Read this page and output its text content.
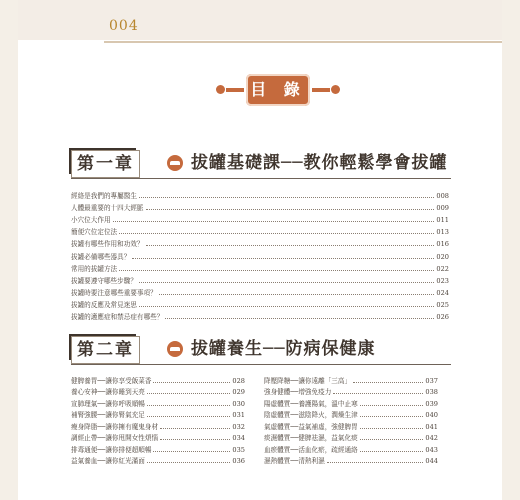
004
目 錄
第一章	拔罐基礎課──教你輕鬆學會拔罐
經絡是我們的專屬醫生	008
人體最重要的十四大經脈	009
小穴位大作用	011
簡便穴位定位法	013
拔罐有哪些作用和功效？	016
拔罐必備哪些器具？	020
常用的拔罐方法	022
拔罐要遵守哪些步驟？	023
拔罐時要注意哪些重要事項？	024
拔罐的反應及常見迷思	025
拔罐的適應症和禁忌症有哪些？	026
第二章	拔罐養生──防病保健康
健脾養胃──讓你享受飯菜香	028
養心安神──讓你睡到天亮	029
宣肺理氣──讓你呼吸順暢	030
補腎強腰──讓你腎氣充足	031
瘦身降脂──讓你擁有魔鬼身材	032
調經止帶──讓你甩開女性煩惱	034
排毒通便──讓你排便超順暢	035
益氣養血──讓你紅光滿面	036
降壓降糖──讓你遠離「三高」	037
強身健體──增強免疫力	038
陽虛體質──養護陽氣，溫中止寒	039
陰虛體質──滋陰降火，潤燥生津	040
氣虛體質──益氣補虛，強健脾胃	041
痰濕體質──健脾祛濕，益氣化痰	042
血瘀體質──活血化瘀，疏經通絡	043
濕熱體質──清熱利濕	044
